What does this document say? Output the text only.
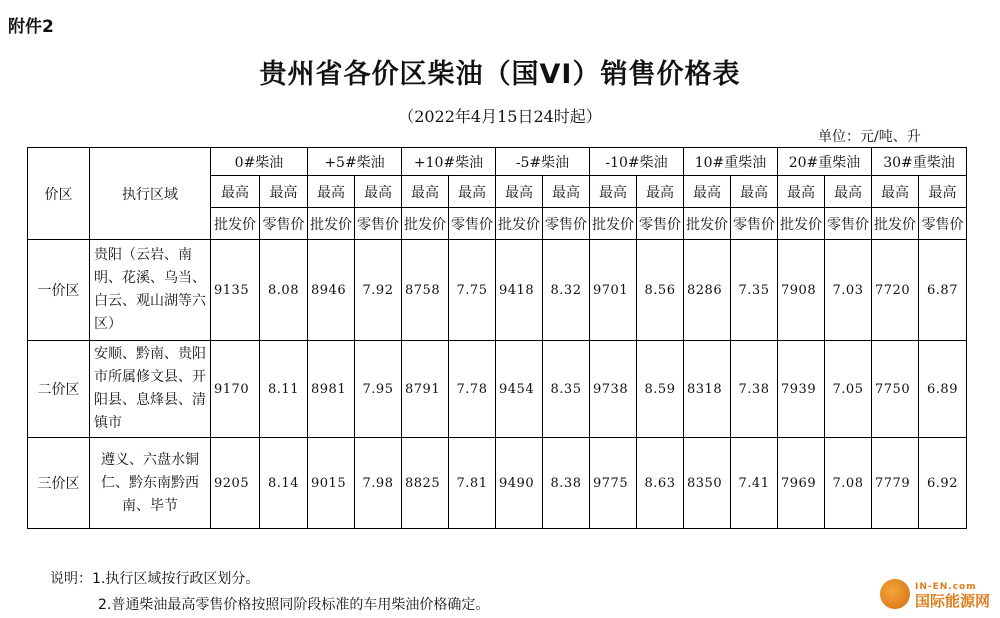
附件2
贵州省各价区柴油（国VI）销售价格表
（2022年4月15日24时起）
单位：元/吨、升
价区	执行区域	0#柴油		+5#柴油		+10#柴油		-5#柴油		-10#柴油		10#重柴油		20#重柴油		30#重柴油	
		最高	最高	最高	最高	最高	最高	最高	最高	最高	最高	最高	最高	最高	最高	最高	最高
		批发价	零售价	批发价	零售价	批发价	零售价	批发价	零售价	批发价	零售价	批发价	零售价	批发价	零售价	批发价	零售价
一价区	贵阳（云岩、南明、花溪、乌当、白云、观山湖等六区）	9135	8.08	8946	7.92	8758	7.75	9418	8.32	9701	8.56	8286	7.35	7908	7.03	7720	6.87
二价区	安顺、黔南、贵阳市所属修文县、开阳县、息烽县、清镇市	9170	8.11	8981	7.95	8791	7.78	9454	8.35	9738	8.59	8318	7.38	7939	7.05	7750	6.89
三价区	遵义、六盘水铜仁、黔东南黔西南、毕节	9205	8.14	9015	7.98	8825	7.81	9490	8.38	9775	8.63	8350	7.41	7969	7.08	7779	6.92
说明：1.执行区域按行政区划分。
2.普通柴油最高零售价格按照同阶段标准的车用柴油价格确定。
IN-EN.com
国际能源网
